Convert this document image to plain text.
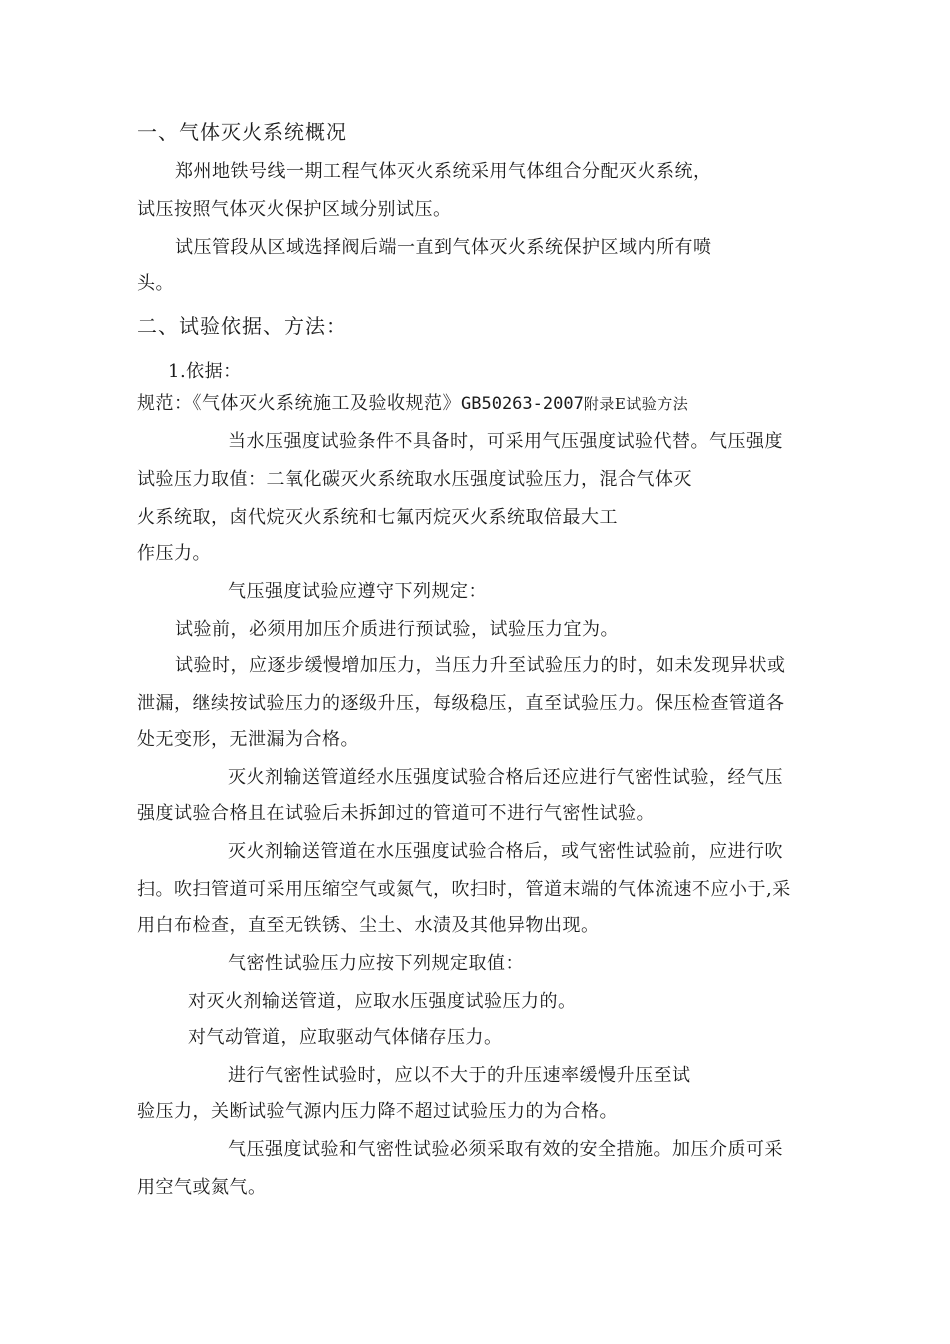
一、气体灭火系统概况
郑州地铁号线一期工程气体灭火系统采用气体组合分配灭火系统，
试压按照气体灭火保护区域分别试压。
试压管段从区域选择阀后端一直到气体灭火系统保护区域内所有喷
头。
二、试验依据、方法：
1.依据：
规范：《气体灭火系统施工及验收规范》GB50263-2007附录E试验方法
当水压强度试验条件不具备时，可采用气压强度试验代替。气压强度
试验压力取值：二氧化碳灭火系统取水压强度试验压力，混合气体灭
火系统取，卤代烷灭火系统和七氟丙烷灭火系统取倍最大工
作压力。
气压强度试验应遵守下列规定：
试验前，必须用加压介质进行预试验，试验压力宜为。
试验时，应逐步缓慢增加压力，当压力升至试验压力的时，如未发现异状或
泄漏，继续按试验压力的逐级升压，每级稳压，直至试验压力。保压检查管道各
处无变形，无泄漏为合格。
灭火剂输送管道经水压强度试验合格后还应进行气密性试验，经气压
强度试验合格且在试验后未拆卸过的管道可不进行气密性试验。
灭火剂输送管道在水压强度试验合格后，或气密性试验前，应进行吹
扫。吹扫管道可采用压缩空气或氮气，吹扫时，管道末端的气体流速不应小于,采
用白布检查，直至无铁锈、尘土、水渍及其他异物出现。
气密性试验压力应按下列规定取值：
对灭火剂输送管道，应取水压强度试验压力的。
对气动管道，应取驱动气体储存压力。
进行气密性试验时，应以不大于的升压速率缓慢升压至试
验压力，关断试验气源内压力降不超过试验压力的为合格。
气压强度试验和气密性试验必须采取有效的安全措施。加压介质可采
用空气或氮气。
